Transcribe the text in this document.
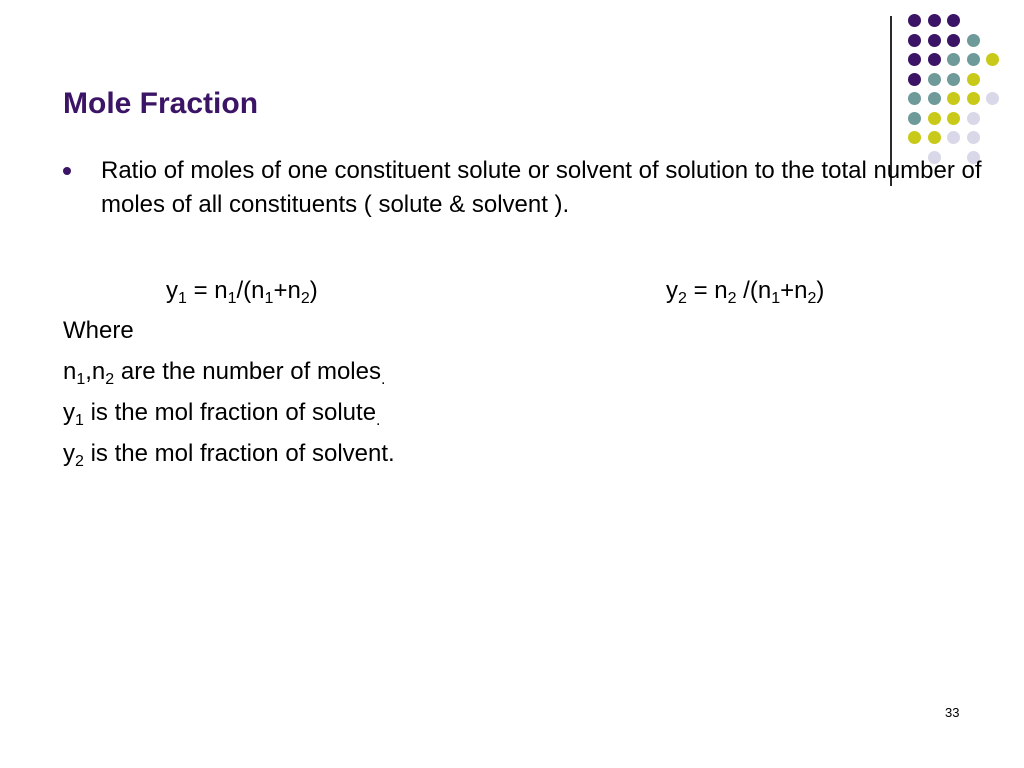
Mole Fraction
Ratio of moles of one constituent solute or solvent of solution to the total number of moles of all constituents ( solute & solvent ).
$y_1 = n_1/(n_1+n_2)$	$y_2 = n_2$ $/(n_1+n_2)$
Where
$n_1,n_2$ are the number of moles$_.$
$y_1$ is the mol fraction of solute$_.$
$y_2$ is the mol fraction of solvent.
33
